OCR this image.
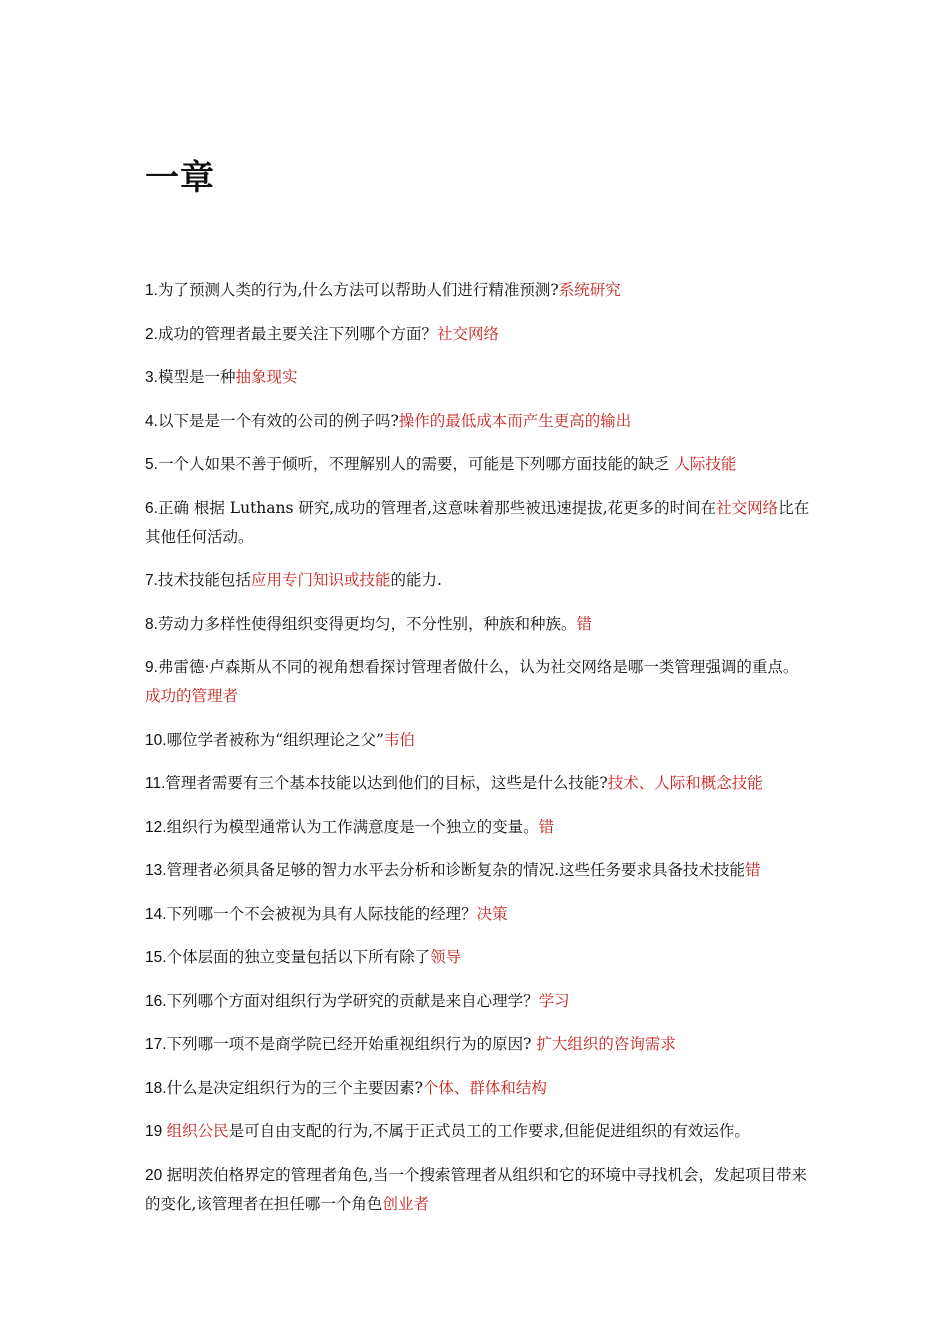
一章
1.为了预测人类的行为,什么方法可以帮助人们进行精准预测?系统研究
2.成功的管理者最主要关注下列哪个方面？社交网络
3.模型是一种抽象现实
4.以下是是一个有效的公司的例子吗?操作的最低成本而产生更高的输出
5.一个人如果不善于倾听，不理解别人的需要，可能是下列哪方面技能的缺乏 人际技能
6.正确 根据 Luthans 研究,成功的管理者,这意味着那些被迅速提拔,花更多的时间在社交网络比在其他任何活动。
7.技术技能包括应用专门知识或技能的能力.
8.劳动力多样性使得组织变得更均匀，不分性别，种族和种族。错
9.弗雷德·卢森斯从不同的视角想看探讨管理者做什么，认为社交网络是哪一类管理强调的重点。成功的管理者
10.哪位学者被称为“组织理论之父”韦伯
11.管理者需要有三个基本技能以达到他们的目标，这些是什么技能?技术、人际和概念技能
12.组织行为模型通常认为工作满意度是一个独立的变量。错
13.管理者必须具备足够的智力水平去分析和诊断复杂的情况.这些任务要求具备技术技能错
14.下列哪一个不会被视为具有人际技能的经理？决策
15.个体层面的独立变量包括以下所有除了领导
16.下列哪个方面对组织行为学研究的贡献是来自心理学？学习
17.下列哪一项不是商学院已经开始重视组织行为的原因? 扩大组织的咨询需求
18.什么是决定组织行为的三个主要因素?个体、群体和结构
19 组织公民是可自由支配的行为,不属于正式员工的工作要求,但能促进组织的有效运作。
20 据明茨伯格界定的管理者角色,当一个搜索管理者从组织和它的环境中寻找机会，发起项目带来的变化,该管理者在担任哪一个角色创业者
